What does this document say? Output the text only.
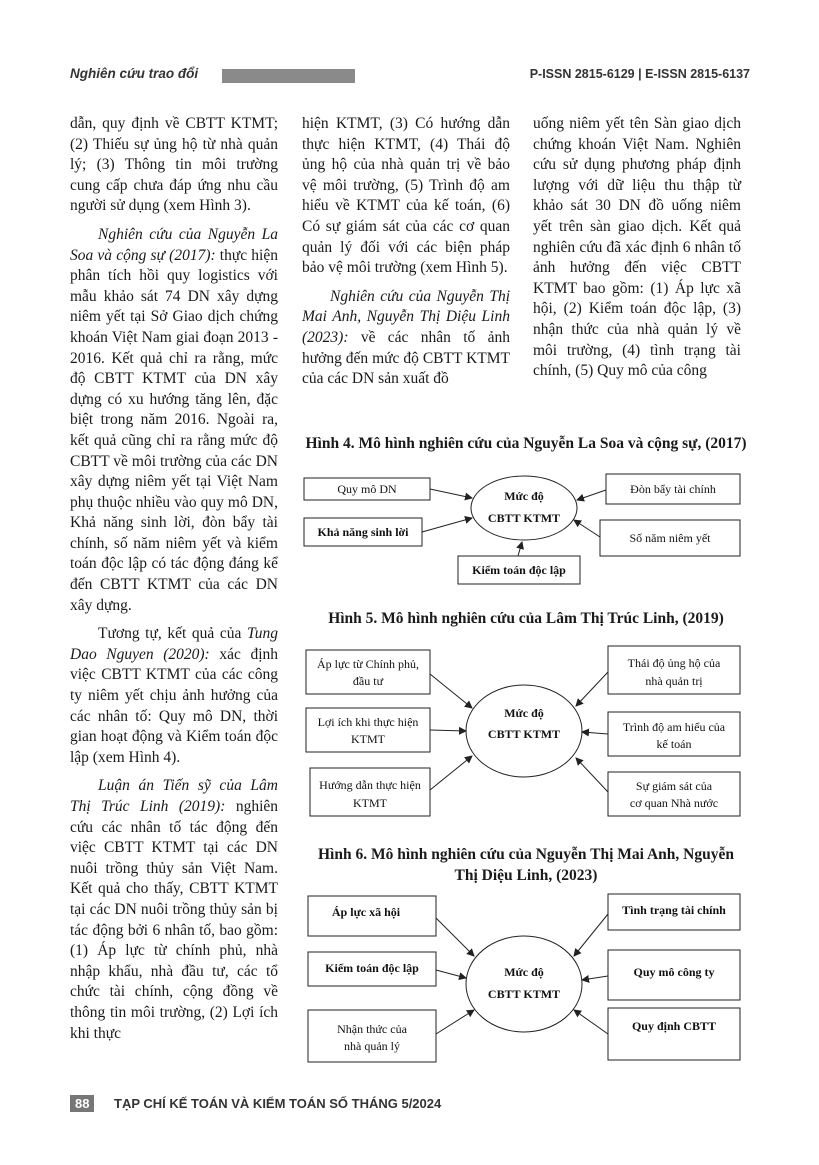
Nghiên cứu trao đổi	P-ISSN 2815-6129 | E-ISSN 2815-6137

dẫn, quy định về CBTT KTMT; (2) Thiếu sự ủng hộ từ nhà quản lý; (3) Thông tin môi trường cung cấp chưa đáp ứng nhu cầu người sử dụng (xem Hình 3).

Nghiên cứu của Nguyễn La Soa và cộng sự (2017): thực hiện phân tích hồi quy logistics với mẫu khảo sát 74 DN xây dựng niêm yết tại Sở Giao dịch chứng khoán Việt Nam giai đoạn 2013 - 2016. Kết quả chỉ ra rằng, mức độ CBTT KTMT của DN xây dựng có xu hướng tăng lên, đặc biệt trong năm 2016. Ngoài ra, kết quả cũng chỉ ra rằng mức độ CBTT về môi trường của các DN xây dựng niêm yết tại Việt Nam phụ thuộc nhiều vào quy mô DN, Khả năng sinh lời, đòn bẩy tài chính, số năm niêm yết và kiểm toán độc lập có tác động đáng kể đến CBTT KTMT của các DN xây dựng.

Tương tự, kết quả của Tung Dao Nguyen (2020): xác định việc CBTT KTMT của các công ty niêm yết chịu ảnh hưởng của các nhân tố: Quy mô DN, thời gian hoạt động và Kiểm toán độc lập (xem Hình 4).

Luận án Tiến sỹ của Lâm Thị Trúc Linh (2019): nghiên cứu các nhân tố tác động đến việc CBTT KTMT tại các DN nuôi trồng thủy sản Việt Nam. Kết quả cho thấy, CBTT KTMT tại các DN nuôi trồng thủy sản bị tác động bởi 6 nhân tố, bao gồm: (1) Áp lực từ chính phủ, nhà nhập khẩu, nhà đầu tư, các tổ chức tài chính, cộng đồng về thông tin môi trường, (2) Lợi ích khi thực

hiện KTMT, (3) Có hướng dẫn thực hiện KTMT, (4) Thái độ ủng hộ của nhà quản trị về bảo vệ môi trường, (5) Trình độ am hiểu về KTMT của kế toán, (6) Có sự giám sát của các cơ quan quản lý đối với các biện pháp bảo vệ môi trường (xem Hình 5).

Nghiên cứu của Nguyễn Thị Mai Anh, Nguyễn Thị Diệu Linh (2023): về các nhân tố ảnh hưởng đến mức độ CBTT KTMT của các DN sản xuất đồ

uống niêm yết tên Sàn giao dịch chứng khoán Việt Nam. Nghiên cứu sử dụng phương pháp định lượng với dữ liệu thu thập từ khảo sát 30 DN đồ uống niêm yết trên sàn giao dịch. Kết quả nghiên cứu đã xác định 6 nhân tố ảnh hưởng đến việc CBTT KTMT bao gồm: (1) Áp lực xã hội, (2) Kiểm toán độc lập, (3) nhận thức của nhà quản lý về môi trường, (4) tình trạng tài chính, (5) Quy mô của công

Hình 4. Mô hình nghiên cứu của Nguyễn La Soa và cộng sự, (2017)
Quy mô DN
Khả năng sinh lời
Kiểm toán độc lập
Đòn bẩy tài chính
Số năm niêm yết
Mức độ
CBTT KTMT
Hình 5. Mô hình nghiên cứu của Lâm Thị Trúc Linh, (2019)
Áp lực từ Chính phủ,
đầu tư
Lợi ích khi thực hiện
KTMT
Hướng dẫn thực hiện
KTMT
Thái độ ủng hộ của
nhà quản trị
Trình độ am hiểu của
kế toán
Sự giám sát của
cơ quan Nhà nước
Mức độ
CBTT KTMT
Hình 6. Mô hình nghiên cứu của Nguyễn Thị Mai Anh, Nguyễn
Thị Diệu Linh, (2023)
Áp lực xã hội
Kiểm toán độc lập
Nhận thức của
nhà quản lý
Tình trạng tài chính
Quy mô công ty
Quy định CBTT
Mức độ
CBTT KTMT
88	TẠP CHÍ KẾ TOÁN VÀ KIỂM TOÁN SỐ THÁNG 5/2024
